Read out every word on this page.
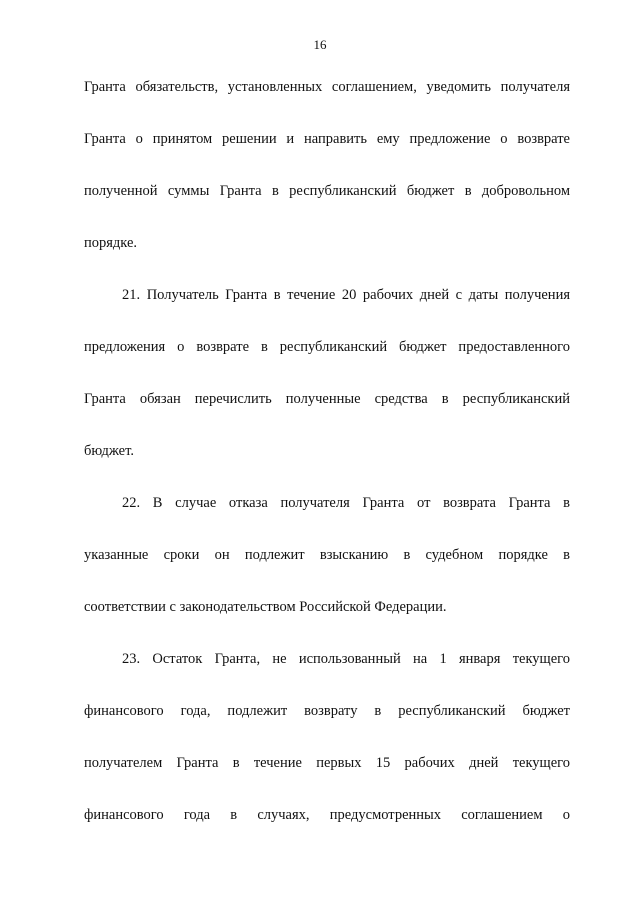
16
Гранта обязательств, установленных соглашением, уведомить получателя
Гранта о принятом решении и направить ему предложение о возврате
полученной суммы Гранта в республиканский бюджет в добровольном
порядке.
21. Получатель Гранта в течение 20 рабочих дней с даты получения
предложения о возврате в республиканский бюджет предоставленного
Гранта обязан перечислить полученные средства в республиканский
бюджет.
22. В случае отказа получателя Гранта от возврата Гранта в
указанные сроки он подлежит взысканию в судебном порядке в
соответствии с законодательством Российской Федерации.
23. Остаток Гранта, не использованный на 1 января текущего
финансового года, подлежит возврату в республиканский бюджет
получателем Гранта в течение первых 15 рабочих дней текущего
финансового года в случаях, предусмотренных соглашением о
